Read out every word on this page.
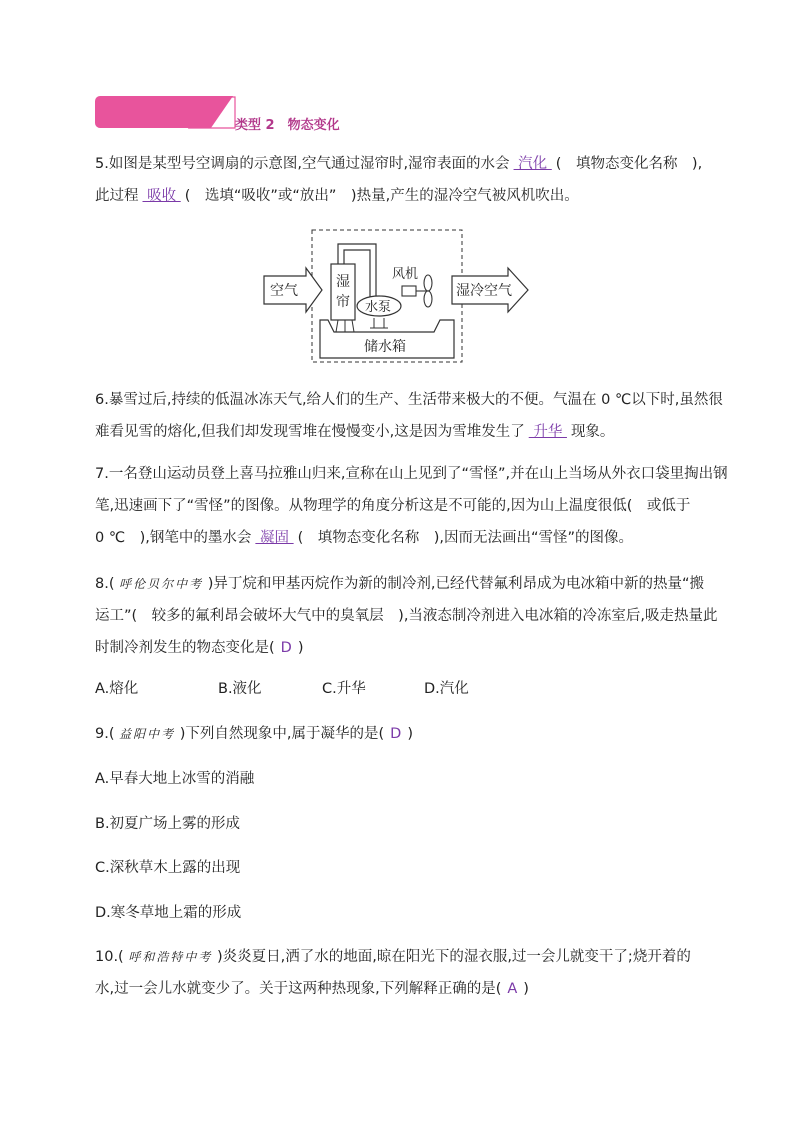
类型 2　物态变化
5.如图是某型号空调扇的示意图,空气通过湿帘时,湿帘表面的水会 汽化 (　填物态变化名称　),
此过程 吸收 (　选填“吸收”或“放出”　)热量,产生的湿冷空气被风机吹出。
空气
湿
帘 水泵
风机
储水箱
湿冷空气
6.暴雪过后,持续的低温冰冻天气,给人们的生产、生活带来极大的不便。气温在 0 ℃以下时,虽然很
难看见雪的熔化,但我们却发现雪堆在慢慢变小,这是因为雪堆发生了 升华 现象。
7.一名登山运动员登上喜马拉雅山归来,宣称在山上见到了“雪怪”,并在山上当场从外衣口袋里掏出钢
笔,迅速画下了“雪怪”的图像。从物理学的角度分析这是不可能的,因为山上温度很低(　或低于
0 ℃　),钢笔中的墨水会 凝固 (　填物态变化名称　),因而无法画出“雪怪”的图像。
8.( 呼伦贝尔中考 )异丁烷和甲基丙烷作为新的制冷剂,已经代替氟利昂成为电冰箱中新的热量“搬
运工”(　较多的氟利昂会破坏大气中的臭氧层　),当液态制冷剂进入电冰箱的冷冻室后,吸走热量此
时制冷剂发生的物态变化是( D )
A.熔化	B.液化	C.升华	D.汽化
9.( 益阳中考 )下列自然现象中,属于凝华的是( D )
A.早春大地上冰雪的消融
B.初夏广场上雾的形成
C.深秋草木上露的出现
D.寒冬草地上霜的形成
10.( 呼和浩特中考 )炎炎夏日,洒了水的地面,晾在阳光下的湿衣服,过一会儿就变干了;烧开着的
水,过一会儿水就变少了。关于这两种热现象,下列解释正确的是( A )
